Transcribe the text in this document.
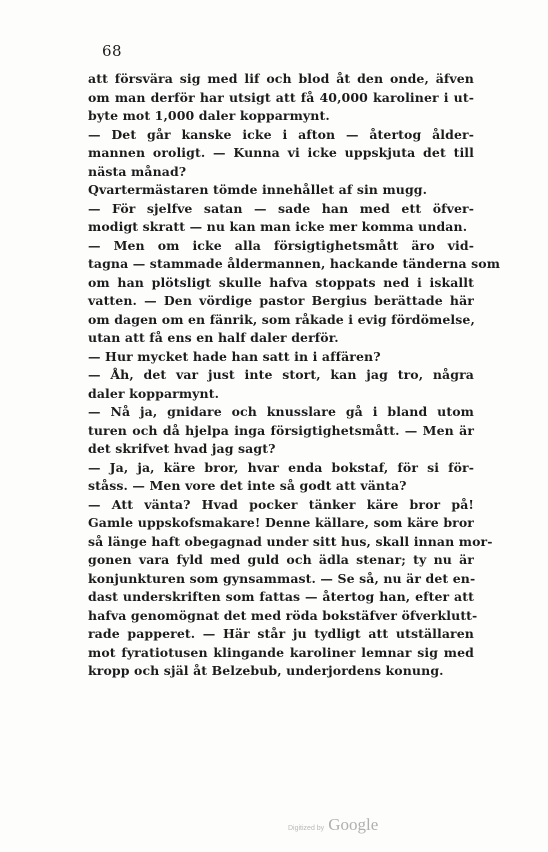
68
att försvära sig med lif och blod åt den onde, äfven
om man derför har utsigt att få 40,000 karoliner i ut-
byte mot 1,000 daler kopparmynt.
— Det går kanske icke i afton — återtog ålder-
mannen oroligt. — Kunna vi icke uppskjuta det till
nästa månad?
Qvartermästaren tömde innehållet af sin mugg.
— För sjelfve satan — sade han med ett öfver-
modigt skratt — nu kan man icke mer komma undan.
— Men om icke alla försigtighetsmått äro vid-
tagna — stammade åldermannen, hackande tänderna som
om han plötsligt skulle hafva stoppats ned i iskallt
vatten. — Den vördige pastor Bergius berättade här
om dagen om en fänrik, som råkade i evig fördömelse,
utan att få ens en half daler derför.
— Hur mycket hade han satt in i affären?
— Åh, det var just inte stort, kan jag tro, några
daler kopparmynt.
— Nå ja, gnidare och knusslare gå i bland utom
turen och då hjelpa inga försigtighetsmått. — Men är
det skrifvet hvad jag sagt?
— Ja, ja, käre bror, hvar enda bokstaf, för si för-
ståss. — Men vore det inte så godt att vänta?
— Att vänta? Hvad pocker tänker käre bror på!
Gamle uppskofsmakare! Denne källare, som käre bror
så länge haft obegagnad under sitt hus, skall innan mor-
gonen vara fyld med guld och ädla stenar; ty nu är
konjunkturen som gynsammast. — Se så, nu är det en-
dast underskriften som fattas — återtog han, efter att
hafva genomögnat det med röda bokstäfver öfverklutt-
rade papperet. — Här står ju tydligt att utställaren
mot fyratiotusen klingande karoliner lemnar sig med
kropp och själ åt Belzebub, underjordens konung.
Digitized by Google
